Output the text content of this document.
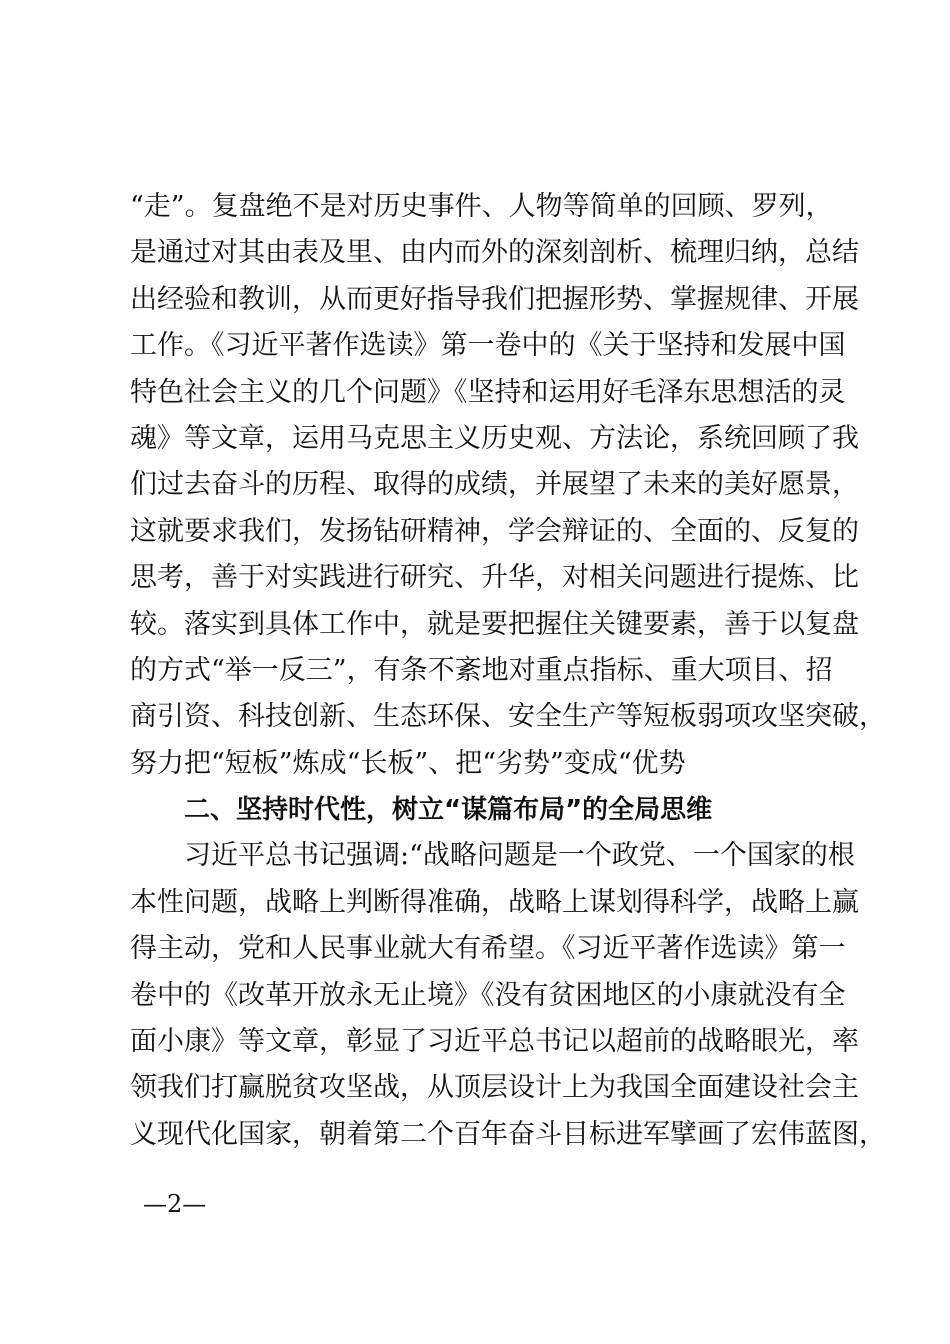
“走”。复盘绝不是对历史事件、人物等简单的回顾、罗列，
是通过对其由表及里、由内而外的深刻剖析、梳理归纳，总结
出经验和教训，从而更好指导我们把握形势、掌握规律、开展
工作。《习近平著作选读》第一卷中的《关于坚持和发展中国
特色社会主义的几个问题》《坚持和运用好毛泽东思想活的灵
魂》等文章，运用马克思主义历史观、方法论，系统回顾了我
们过去奋斗的历程、取得的成绩，并展望了未来的美好愿景，
这就要求我们，发扬钻研精神，学会辩证的、全面的、反复的
思考，善于对实践进行研究、升华，对相关问题进行提炼、比
较。落实到具体工作中，就是要把握住关键要素，善于以复盘
的方式“举一反三”，有条不紊地对重点指标、重大项目、招
商引资、科技创新、生态环保、安全生产等短板弱项攻坚突破，
努力把“短板”炼成“长板”、把“劣势”变成“优势
二、坚持时代性，树立“谋篇布局”的全局思维
习近平总书记强调:“战略问题是一个政党、一个国家的根
本性问题，战略上判断得准确，战略上谋划得科学，战略上赢
得主动，党和人民事业就大有希望。《习近平著作选读》第一
卷中的《改革开放永无止境》《没有贫困地区的小康就没有全
面小康》等文章，彰显了习近平总书记以超前的战略眼光，率
领我们打赢脱贫攻坚战，从顶层设计上为我国全面建设社会主
义现代化国家，朝着第二个百年奋斗目标进军擘画了宏伟蓝图，
—2—
